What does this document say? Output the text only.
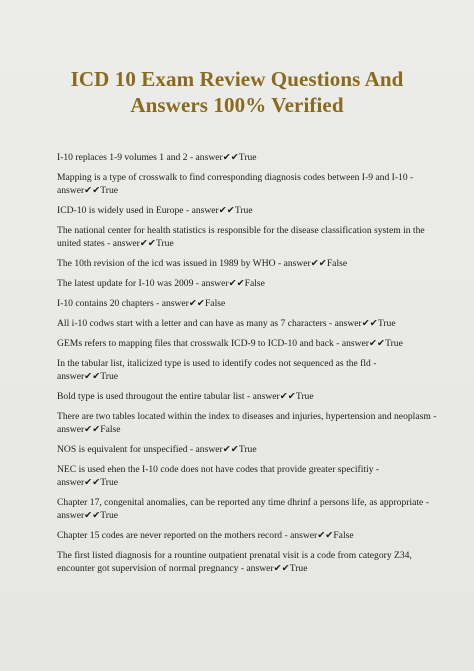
ICD 10 Exam Review Questions And
Answers 100% Verified
I-10 replaces 1-9 volumes 1 and 2 - answer✔✔True
Mapping is a type of crosswalk to find corresponding diagnosis codes between I-9 and I-10 - answer✔✔True
ICD-10 is widely used in Europe - answer✔✔True
The national center for health statistics is responsible for the disease classification system in the united states - answer✔✔True
The 10th revision of the icd was issued in 1989 by WHO - answer✔✔False
The latest update for I-10 was 2009 - answer✔✔False
I-10 contains 20 chapters - answer✔✔False
All i-10 codws start with a letter and can have as many as 7 characters - answer✔✔True
GEMs refers to mapping files that crosswalk ICD-9 to ICD-10 and back - answer✔✔True
In the tabular list, italicized type is used to identify codes not sequenced as the fld - answer✔✔True
Bold type is used througout the entire tabular list - answer✔✔True
There are two tables located within the index to diseases and injuries, hypertension and neoplasm - answer✔✔False
NOS is equivalent for unspecified - answer✔✔True
NEC is used ehen the I-10 code does not have codes that provide greater specifitiy - answer✔✔True
Chapter 17, congenital anomalies, can be reported any time dhrinf a persons life, as appropriate - answer✔✔True
Chapter 15 codes are never reported on the mothers record - answer✔✔False
The first listed diagnosis for a rountine outpatient prenatal visit is a code from category Z34, encounter got supervision of normal pregnancy - answer✔✔True
